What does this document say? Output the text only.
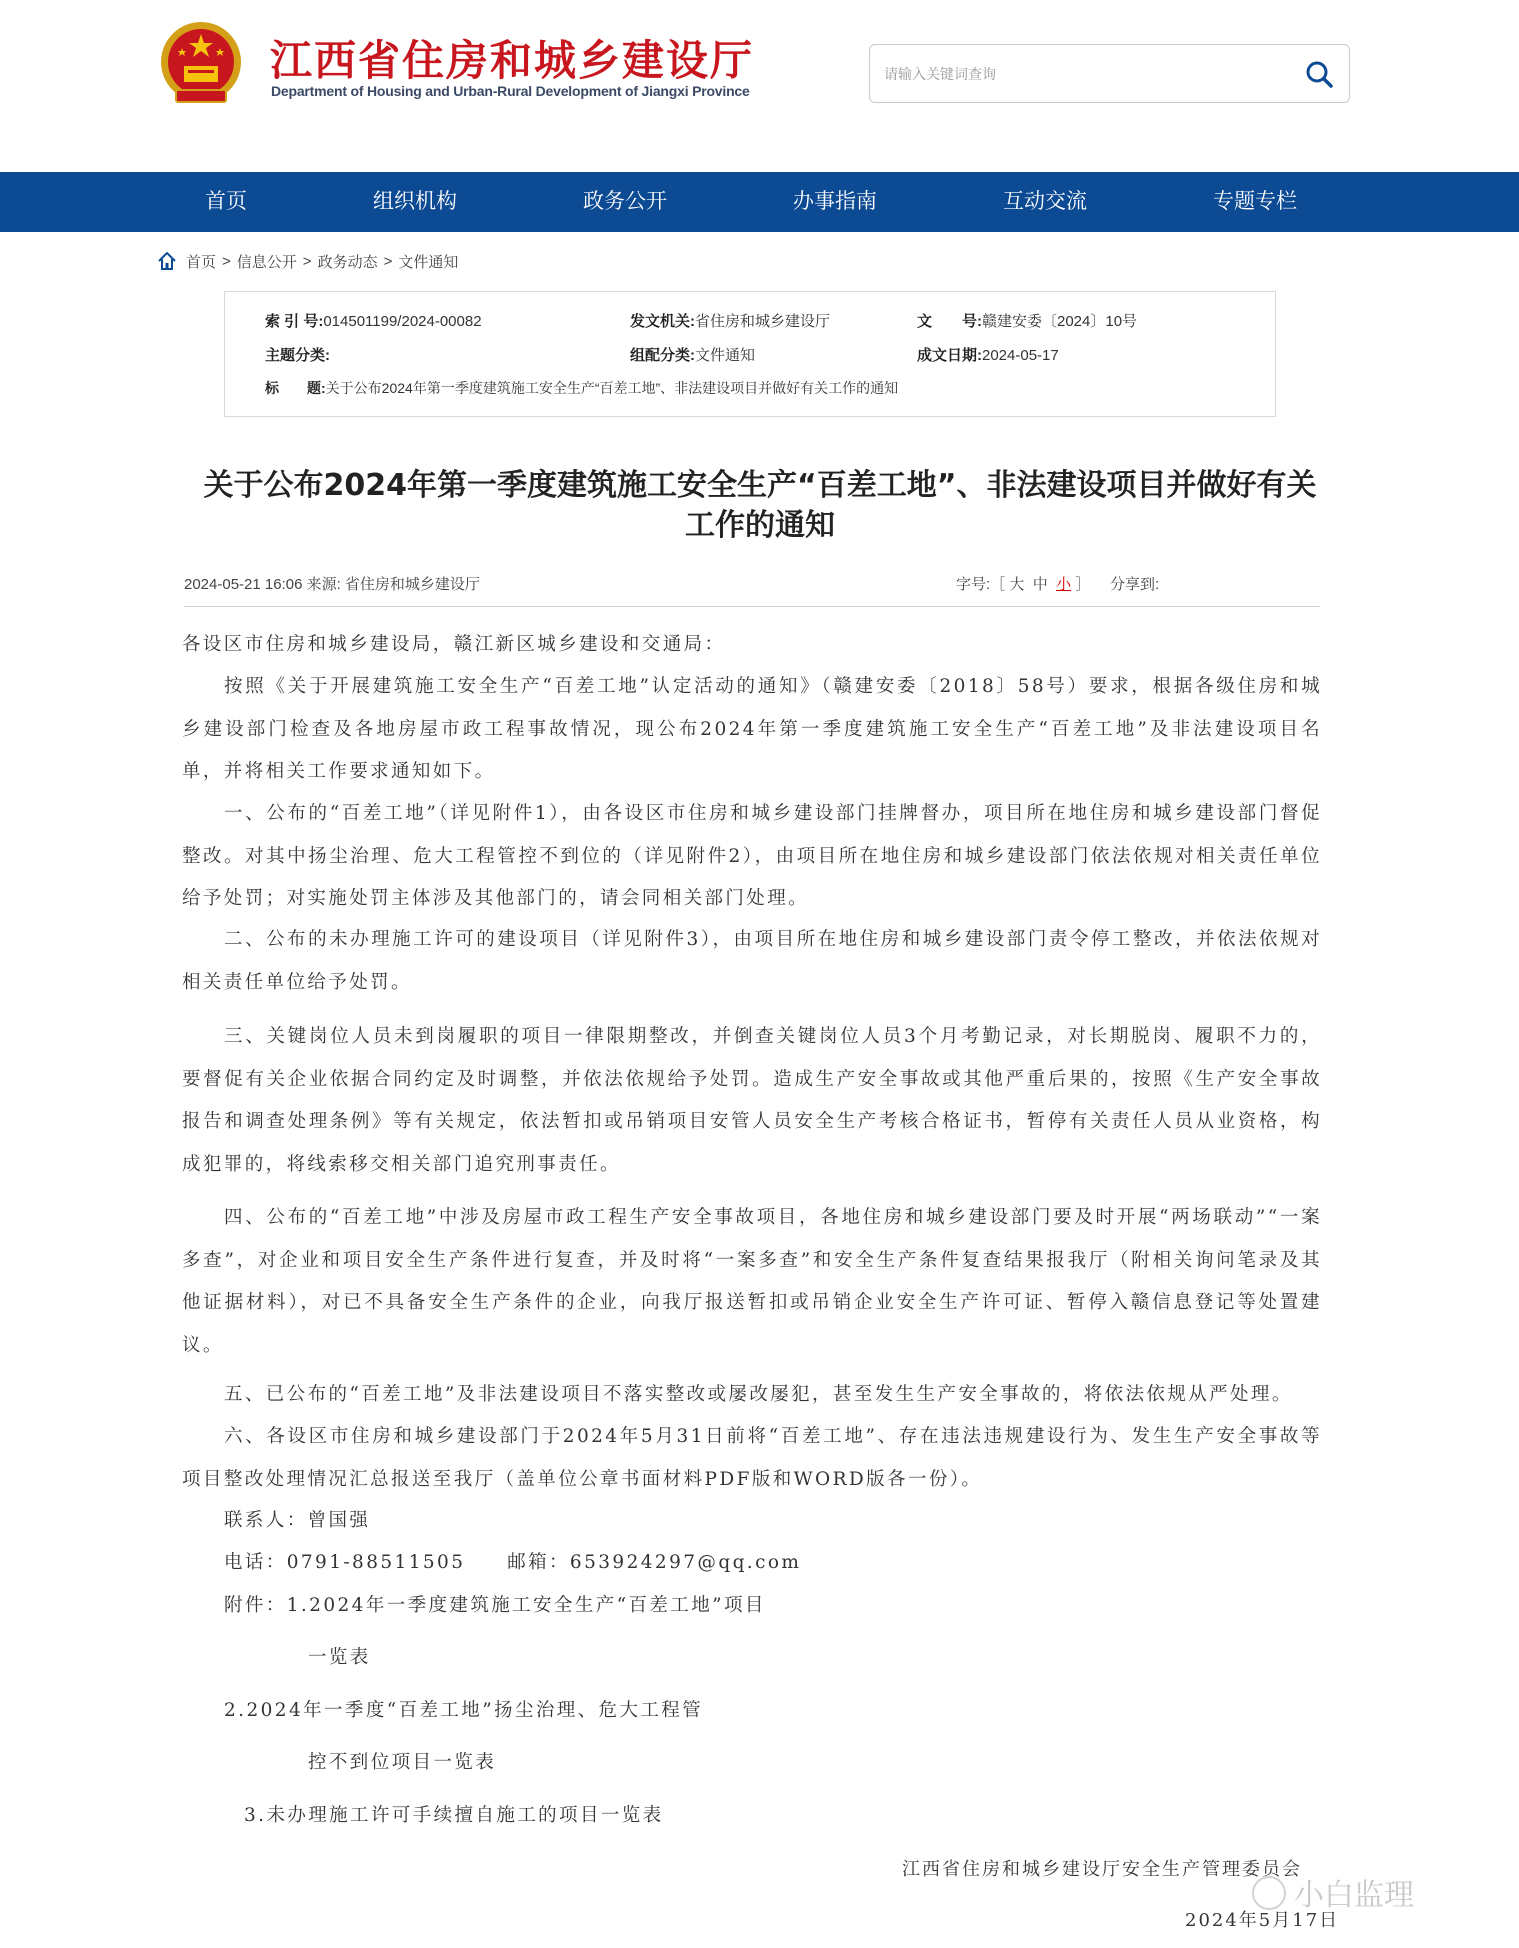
江西省住房和城乡建设厅
Department of Housing and Urban-Rural Development of Jiangxi Province
请输入关键词查询
首页	组织机构	政务公开	办事指南	互动交流	专题专栏
首页 > 信息公开 > 政务动态 > 文件通知
索 引 号:014501199/2024-00082	发文机关:省住房和城乡建设厅	文　　号:赣建安委〔2024〕10号
主题分类:	组配分类:文件通知	成文日期:2024-05-17
标　　题:关于公布2024年第一季度建筑施工安全生产“百差工地”、非法建设项目并做好有关工作的通知
关于公布2024年第一季度建筑施工安全生产“百差工地”、非法建设项目并做好有关
工作的通知
2024-05-21 16:06 来源: 省住房和城乡建设厅	字号:［ 大 中 小 ］ 分享到:
各设区市住房和城乡建设局，赣江新区城乡建设和交通局：
按照《关于开展建筑施工安全生产“百差工地”认定活动的通知》（赣建安委〔2018〕58号）要求，根据各级住房和城乡建设部门检查及各地房屋市政工程事故情况，现公布2024年第一季度建筑施工安全生产“百差工地”及非法建设项目名单，并将相关工作要求通知如下。
一、公布的“百差工地”（详见附件1），由各设区市住房和城乡建设部门挂牌督办，项目所在地住房和城乡建设部门督促整改。对其中扬尘治理、危大工程管控不到位的（详见附件2），由项目所在地住房和城乡建设部门依法依规对相关责任单位给予处罚；对实施处罚主体涉及其他部门的，请会同相关部门处理。
二、公布的未办理施工许可的建设项目（详见附件3），由项目所在地住房和城乡建设部门责令停工整改，并依法依规对相关责任单位给予处罚。
三、关键岗位人员未到岗履职的项目一律限期整改，并倒查关键岗位人员3个月考勤记录，对长期脱岗、履职不力的，要督促有关企业依据合同约定及时调整，并依法依规给予处罚。造成生产安全事故或其他严重后果的，按照《生产安全事故报告和调查处理条例》等有关规定，依法暂扣或吊销项目安管人员安全生产考核合格证书，暂停有关责任人员从业资格，构成犯罪的，将线索移交相关部门追究刑事责任。
四、公布的“百差工地”中涉及房屋市政工程生产安全事故项目，各地住房和城乡建设部门要及时开展“两场联动”“一案多查”，对企业和项目安全生产条件进行复查，并及时将“一案多查”和安全生产条件复查结果报我厅（附相关询问笔录及其他证据材料），对已不具备安全生产条件的企业，向我厅报送暂扣或吊销企业安全生产许可证、暂停入赣信息登记等处置建议。
五、已公布的“百差工地”及非法建设项目不落实整改或屡改屡犯，甚至发生生产安全事故的，将依法依规从严处理。
六、各设区市住房和城乡建设部门于2024年5月31日前将“百差工地”、存在违法违规建设行为、发生生产安全事故等项目整改处理情况汇总报送至我厅（盖单位公章书面材料PDF版和WORD版各一份）。
联系人：曾国强
电话：0791-88511505　　邮箱：653924297@qq.com
附件：1.2024年一季度建筑施工安全生产“百差工地”项目
一览表
2.2024年一季度“百差工地”扬尘治理、危大工程管
控不到位项目一览表
3.未办理施工许可手续擅自施工的项目一览表
江西省住房和城乡建设厅安全生产管理委员会
2024年5月17日
小白监理
